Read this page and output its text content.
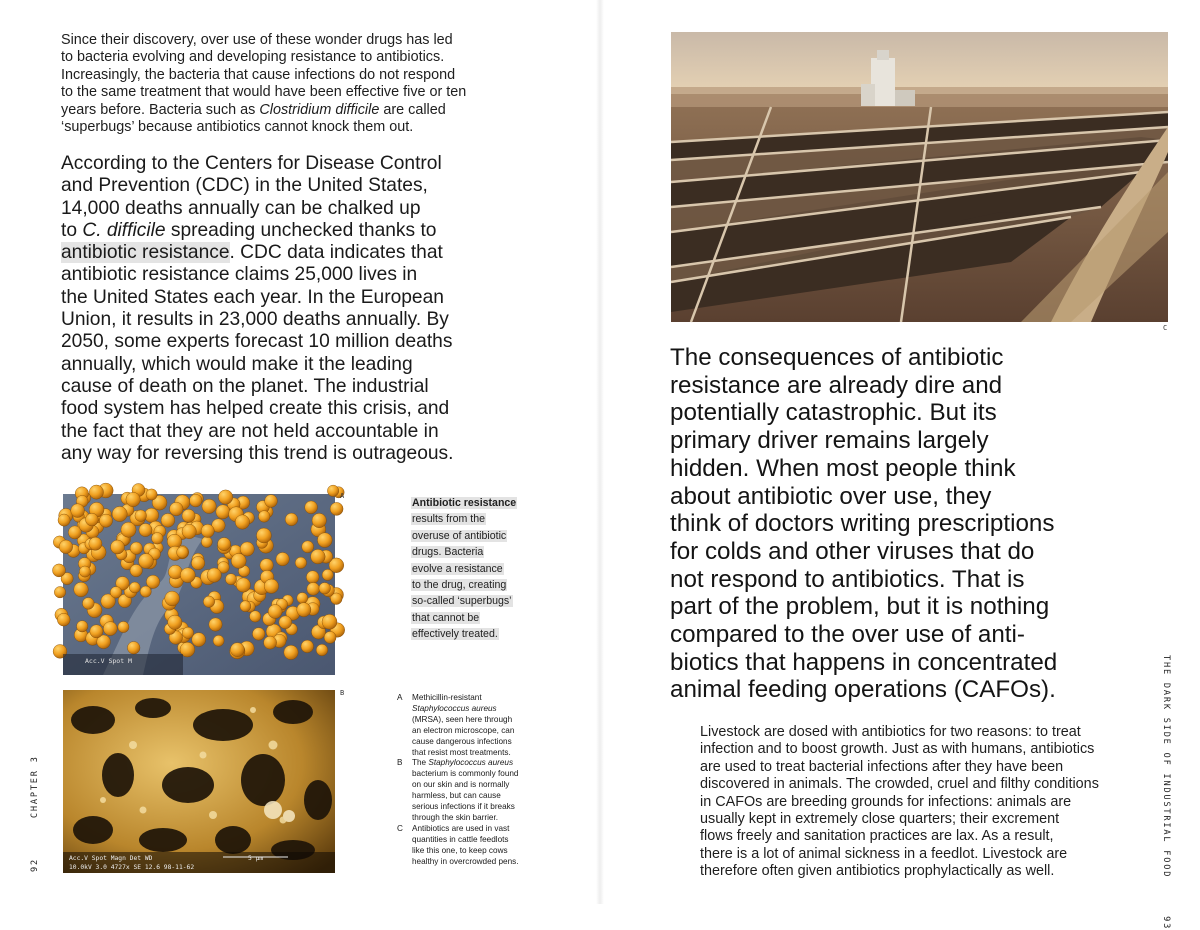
Since their discovery, over use of these wonder drugs has led
to bacteria evolving and developing resistance to antibiotics.
Increasingly, the bacteria that cause infections do not respond
to the same treatment that would have been effective five or ten
years before. Bacteria such as Clostridium difficile are called
‘superbugs’ because antibiotics cannot knock them out.

According to the Centers for Disease Control
and Prevention (CDC) in the United States,
14,000 deaths annually can be chalked up
to C. difficile spreading unchecked thanks to
antibiotic resistance. CDC data indicates that
antibiotic resistance claims 25,000 lives in
the United States each year. In the European
Union, it results in 23,000 deaths annually. By
2050, some experts forecast 10 million deaths
annually, which would make it the leading
cause of death on the planet. The industrial
food system has helped create this crisis, and
the fact that they are not held accountable in
any way for reversing this trend is outrageous.
Acc.V Spot M
A
Acc.V Spot Magn Det WD
10.0kV 3.0 4727x SE 12.6 98-11-62
5 μm
B
Antibiotic resistance
results from the
overuse of antibiotic
drugs. Bacteria
evolve a resistance
to the drug, creating
so-called ‘superbugs’
that cannot be
effectively treated.
A Methicillin-resistant
Staphylococcus aureus
(MRSA), seen here through
an electron microscope, can
cause dangerous infections
that resist most treatments.
B The Staphylococcus aureus
bacterium is commonly found
on our skin and is normally
harmless, but can cause
serious infections if it breaks
through the skin barrier.
C Antibiotics are used in vast
quantities in cattle feedlots
like this one, to keep cows
healthy in overcrowded pens.
92  CHAPTER 3
C
The consequences of antibiotic
resistance are already dire and
potentially catastrophic. But its
primary driver remains largely
hidden. When most people think
about antibiotic over use, they
think of doctors writing prescriptions
for colds and other viruses that do
not respond to antibiotics. That is
part of the problem, but it is nothing
compared to the over use of anti-
biotics that happens in concentrated
animal feeding operations (CAFOs).
Livestock are dosed with antibiotics for two reasons: to treat
infection and to boost growth. Just as with humans, antibiotics
are used to treat bacterial infections after they have been
discovered in animals. The crowded, cruel and filthy conditions
in CAFOs are breeding grounds for infections: animals are
usually kept in extremely close quarters; their excrement
flows freely and sanitation practices are lax. As a result,
there is a lot of animal sickness in a feedlot. Livestock are
therefore often given antibiotics prophylactically as well.	THE DARK SIDE OF INDUSTRIAL FOOD  93
